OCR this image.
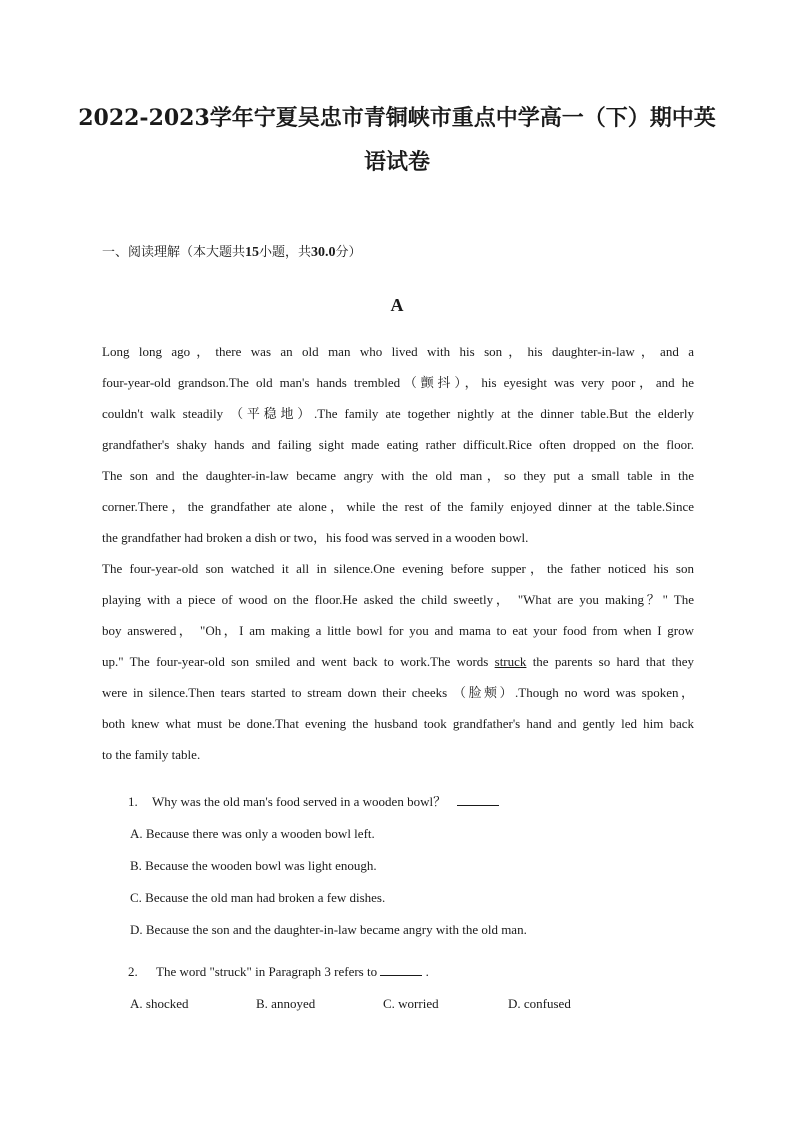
2022-2023学年宁夏吴忠市青铜峡市重点中学高一（下）期中英
语试卷
一、阅读理解（本大题共15小题，共30.0分）
A
Long long ago，there was an old man who lived with his son，his daughter-in-law，and a
four-year-old grandson.The old man's hands trembled（颤抖），his eyesight was very poor，and he
couldn't walk steadily （平稳地）.The family ate together nightly at the dinner table.But the elderly
grandfather's shaky hands and failing sight made eating rather difficult.Rice often dropped on the floor.
The son and the daughter-in-law became angry with the old man，so they put a small table in the
corner.There，the grandfather ate alone，while the rest of the family enjoyed dinner at the table.Since
the grandfather had broken a dish or two，his food was served in a wooden bowl.
The four-year-old son watched it all in silence.One evening before supper，the father noticed his son
playing with a piece of wood on the floor.He asked the child sweetly， "What are you making？" The
boy answered， "Oh，I am making a little bowl for you and mama to eat your food from when I grow
up." The four-year-old son smiled and went back to work.The words struck the parents so hard that they
were in silence.Then tears started to stream down their cheeks （脸颊）.Though no word was spoken，
both knew what must be done.That evening the husband took grandfather's hand and gently led him back
to the family table.
1. Why was the old man's food served in a wooden bowl？
A. Because there was only a wooden bowl left.
B. Because the wooden bowl was light enough.
C. Because the old man had broken a few dishes.
D. Because the son and the daughter-in-law became angry with the old man.
2. The word "struck" in Paragraph 3 refers to	.
A. shocked	B. annoyed	C. worried	D. confused
